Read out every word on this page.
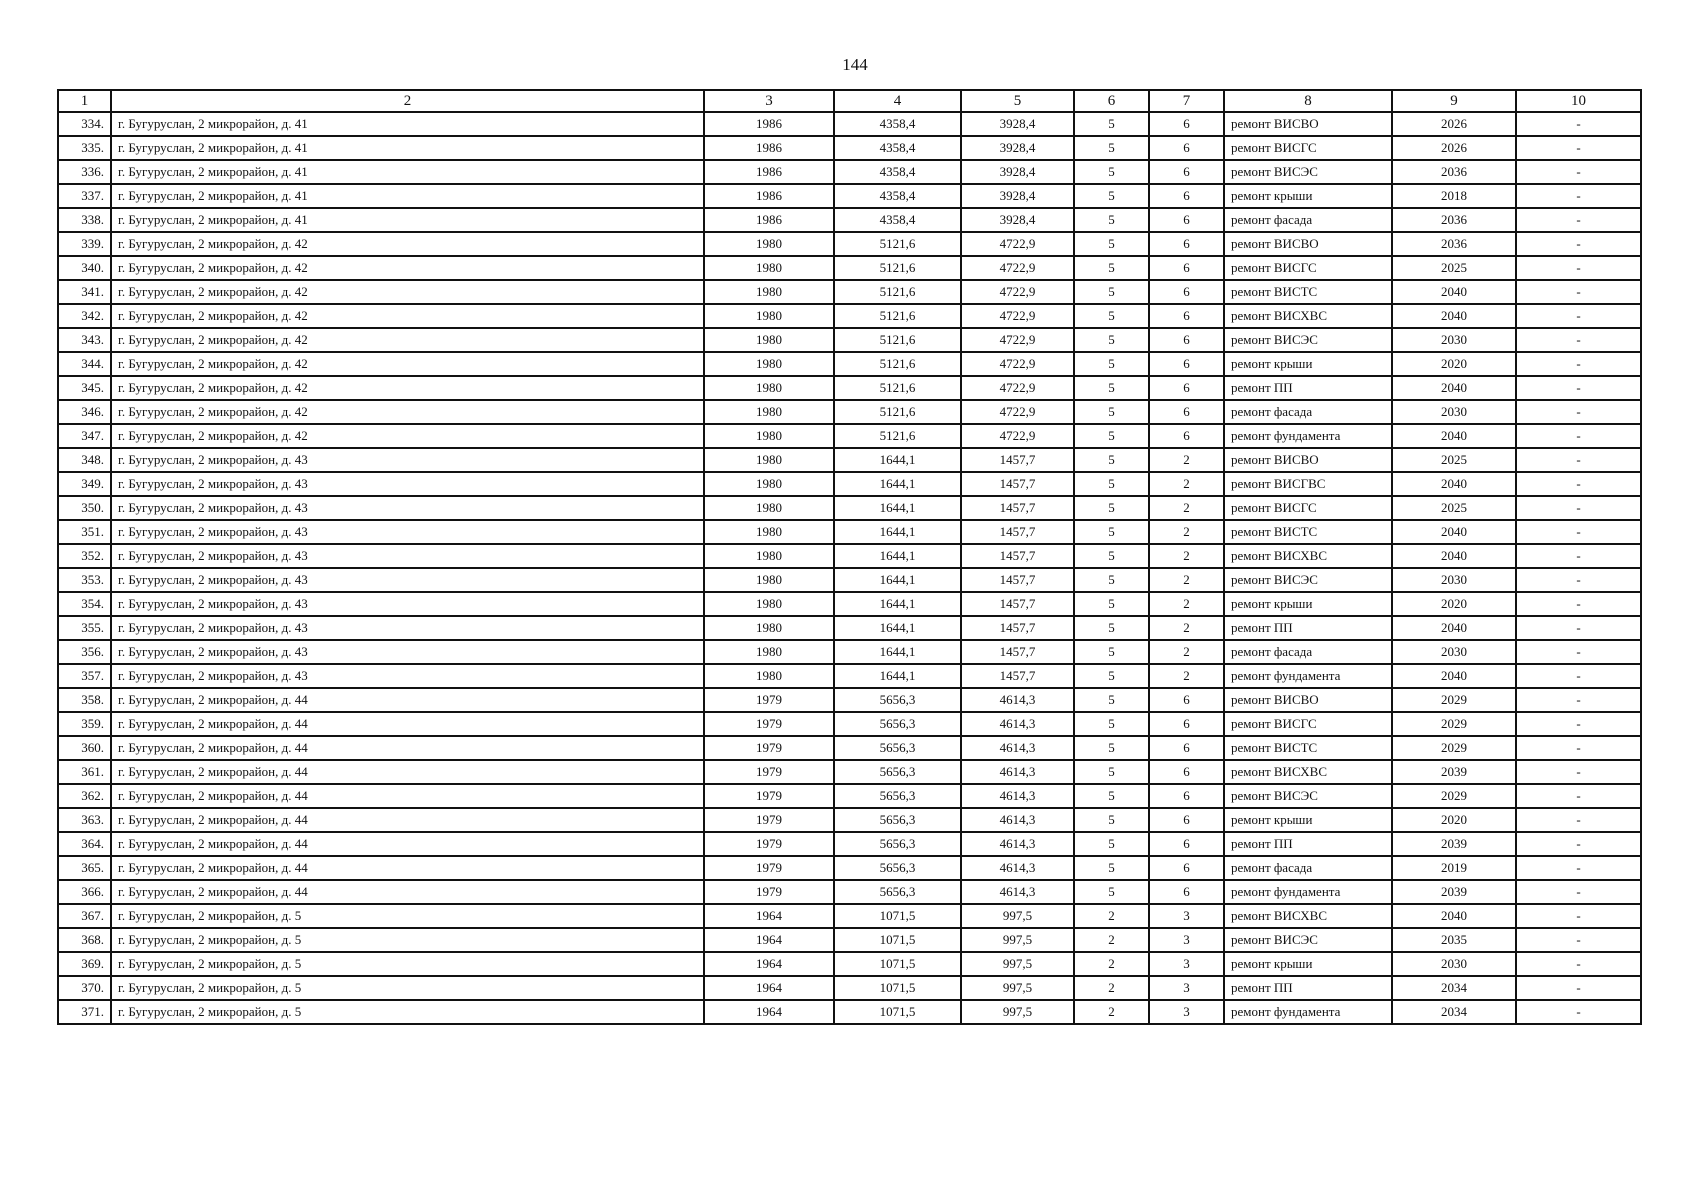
144
1	2	3	4	5	6	7	8	9	10
334.	г. Бугуруслан, 2 микрорайон, д. 41	1986	4358,4	3928,4	5	6	ремонт ВИСВО	2026	-
335.	г. Бугуруслан, 2 микрорайон, д. 41	1986	4358,4	3928,4	5	6	ремонт ВИСГС	2026	-
336.	г. Бугуруслан, 2 микрорайон, д. 41	1986	4358,4	3928,4	5	6	ремонт ВИСЭС	2036	-
337.	г. Бугуруслан, 2 микрорайон, д. 41	1986	4358,4	3928,4	5	6	ремонт крыши	2018	-
338.	г. Бугуруслан, 2 микрорайон, д. 41	1986	4358,4	3928,4	5	6	ремонт фасада	2036	-
339.	г. Бугуруслан, 2 микрорайон, д. 42	1980	5121,6	4722,9	5	6	ремонт ВИСВО	2036	-
340.	г. Бугуруслан, 2 микрорайон, д. 42	1980	5121,6	4722,9	5	6	ремонт ВИСГС	2025	-
341.	г. Бугуруслан, 2 микрорайон, д. 42	1980	5121,6	4722,9	5	6	ремонт ВИСТС	2040	-
342.	г. Бугуруслан, 2 микрорайон, д. 42	1980	5121,6	4722,9	5	6	ремонт ВИСХВС	2040	-
343.	г. Бугуруслан, 2 микрорайон, д. 42	1980	5121,6	4722,9	5	6	ремонт ВИСЭС	2030	-
344.	г. Бугуруслан, 2 микрорайон, д. 42	1980	5121,6	4722,9	5	6	ремонт крыши	2020	-
345.	г. Бугуруслан, 2 микрорайон, д. 42	1980	5121,6	4722,9	5	6	ремонт ПП	2040	-
346.	г. Бугуруслан, 2 микрорайон, д. 42	1980	5121,6	4722,9	5	6	ремонт фасада	2030	-
347.	г. Бугуруслан, 2 микрорайон, д. 42	1980	5121,6	4722,9	5	6	ремонт фундамента	2040	-
348.	г. Бугуруслан, 2 микрорайон, д. 43	1980	1644,1	1457,7	5	2	ремонт ВИСВО	2025	-
349.	г. Бугуруслан, 2 микрорайон, д. 43	1980	1644,1	1457,7	5	2	ремонт ВИСГВС	2040	-
350.	г. Бугуруслан, 2 микрорайон, д. 43	1980	1644,1	1457,7	5	2	ремонт ВИСГС	2025	-
351.	г. Бугуруслан, 2 микрорайон, д. 43	1980	1644,1	1457,7	5	2	ремонт ВИСТС	2040	-
352.	г. Бугуруслан, 2 микрорайон, д. 43	1980	1644,1	1457,7	5	2	ремонт ВИСХВС	2040	-
353.	г. Бугуруслан, 2 микрорайон, д. 43	1980	1644,1	1457,7	5	2	ремонт ВИСЭС	2030	-
354.	г. Бугуруслан, 2 микрорайон, д. 43	1980	1644,1	1457,7	5	2	ремонт крыши	2020	-
355.	г. Бугуруслан, 2 микрорайон, д. 43	1980	1644,1	1457,7	5	2	ремонт ПП	2040	-
356.	г. Бугуруслан, 2 микрорайон, д. 43	1980	1644,1	1457,7	5	2	ремонт фасада	2030	-
357.	г. Бугуруслан, 2 микрорайон, д. 43	1980	1644,1	1457,7	5	2	ремонт фундамента	2040	-
358.	г. Бугуруслан, 2 микрорайон, д. 44	1979	5656,3	4614,3	5	6	ремонт ВИСВО	2029	-
359.	г. Бугуруслан, 2 микрорайон, д. 44	1979	5656,3	4614,3	5	6	ремонт ВИСГС	2029	-
360.	г. Бугуруслан, 2 микрорайон, д. 44	1979	5656,3	4614,3	5	6	ремонт ВИСТС	2029	-
361.	г. Бугуруслан, 2 микрорайон, д. 44	1979	5656,3	4614,3	5	6	ремонт ВИСХВС	2039	-
362.	г. Бугуруслан, 2 микрорайон, д. 44	1979	5656,3	4614,3	5	6	ремонт ВИСЭС	2029	-
363.	г. Бугуруслан, 2 микрорайон, д. 44	1979	5656,3	4614,3	5	6	ремонт крыши	2020	-
364.	г. Бугуруслан, 2 микрорайон, д. 44	1979	5656,3	4614,3	5	6	ремонт ПП	2039	-
365.	г. Бугуруслан, 2 микрорайон, д. 44	1979	5656,3	4614,3	5	6	ремонт фасада	2019	-
366.	г. Бугуруслан, 2 микрорайон, д. 44	1979	5656,3	4614,3	5	6	ремонт фундамента	2039	-
367.	г. Бугуруслан, 2 микрорайон, д. 5	1964	1071,5	997,5	2	3	ремонт ВИСХВС	2040	-
368.	г. Бугуруслан, 2 микрорайон, д. 5	1964	1071,5	997,5	2	3	ремонт ВИСЭС	2035	-
369.	г. Бугуруслан, 2 микрорайон, д. 5	1964	1071,5	997,5	2	3	ремонт крыши	2030	-
370.	г. Бугуруслан, 2 микрорайон, д. 5	1964	1071,5	997,5	2	3	ремонт ПП	2034	-
371.	г. Бугуруслан, 2 микрорайон, д. 5	1964	1071,5	997,5	2	3	ремонт фундамента	2034	-
